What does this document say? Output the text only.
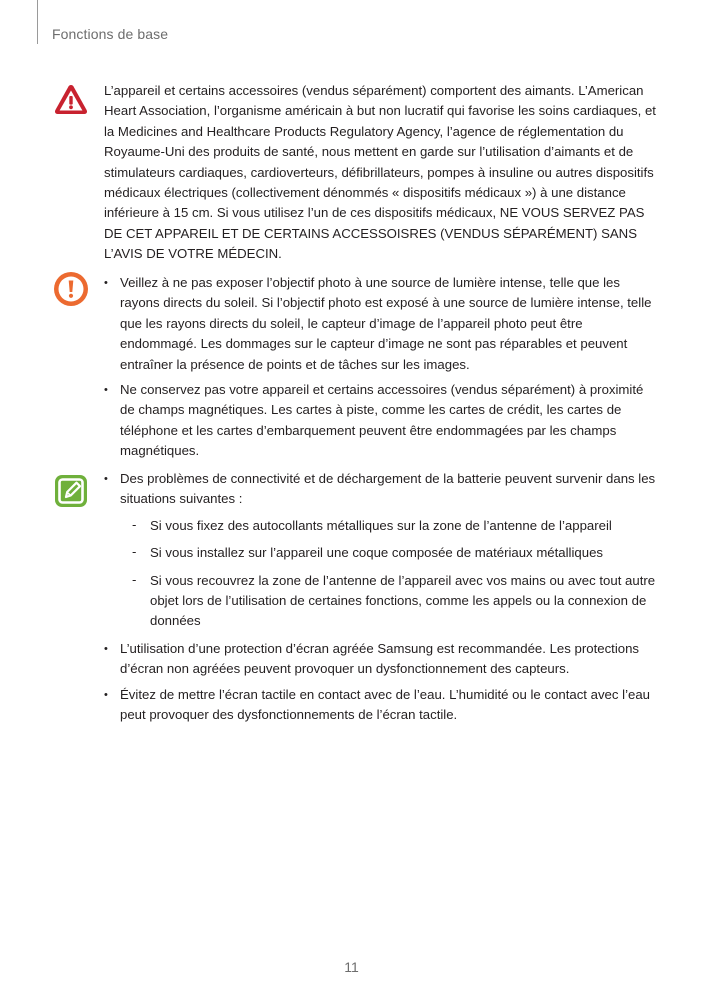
Fonctions de base

L’appareil et certains accessoires (vendus séparément) comportent des aimants. L’American Heart Association, l’organisme américain à but non lucratif qui favorise les soins cardiaques, et la Medicines and Healthcare Products Regulatory Agency, l’agence de réglementation du Royaume-Uni des produits de santé, nous mettent en garde sur l’utilisation d’aimants et de stimulateurs cardiaques, cardioverteurs, défibrillateurs, pompes à insuline ou autres dispositifs médicaux électriques (collectivement dénommés « dispositifs médicaux ») à une distance inférieure à 15 cm. Si vous utilisez l’un de ces dispositifs médicaux, NE VOUS SERVEZ PAS DE CET APPAREIL ET DE CERTAINS ACCESSOISRES (VENDUS SÉPARÉMENT) SANS L’AVIS DE VOTRE MÉDECIN.

• Veillez à ne pas exposer l’objectif photo à une source de lumière intense, telle que les rayons directs du soleil. Si l’objectif photo est exposé à une source de lumière intense, telle que les rayons directs du soleil, le capteur d’image de l’appareil photo peut être endommagé. Les dommages sur le capteur d’image ne sont pas réparables et peuvent entraîner la présence de points et de tâches sur les images.
• Ne conservez pas votre appareil et certains accessoires (vendus séparément) à proximité de champs magnétiques. Les cartes à piste, comme les cartes de crédit, les cartes de téléphone et les cartes d’embarquement peuvent être endommagées par les champs magnétiques.
• Des problèmes de connectivité et de déchargement de la batterie peuvent survenir dans les situations suivantes :
- Si vous fixez des autocollants métalliques sur la zone de l’antenne de l’appareil
- Si vous installez sur l’appareil une coque composée de matériaux métalliques
- Si vous recouvrez la zone de l’antenne de l’appareil avec vos mains ou avec tout autre objet lors de l’utilisation de certaines fonctions, comme les appels ou la connexion de données
• L’utilisation d’une protection d’écran agréée Samsung est recommandée. Les protections d’écran non agréées peuvent provoquer un dysfonctionnement des capteurs.
• Évitez de mettre l’écran tactile en contact avec de l’eau. L’humidité ou le contact avec l’eau peut provoquer des dysfonctionnements de l’écran tactile.
11
